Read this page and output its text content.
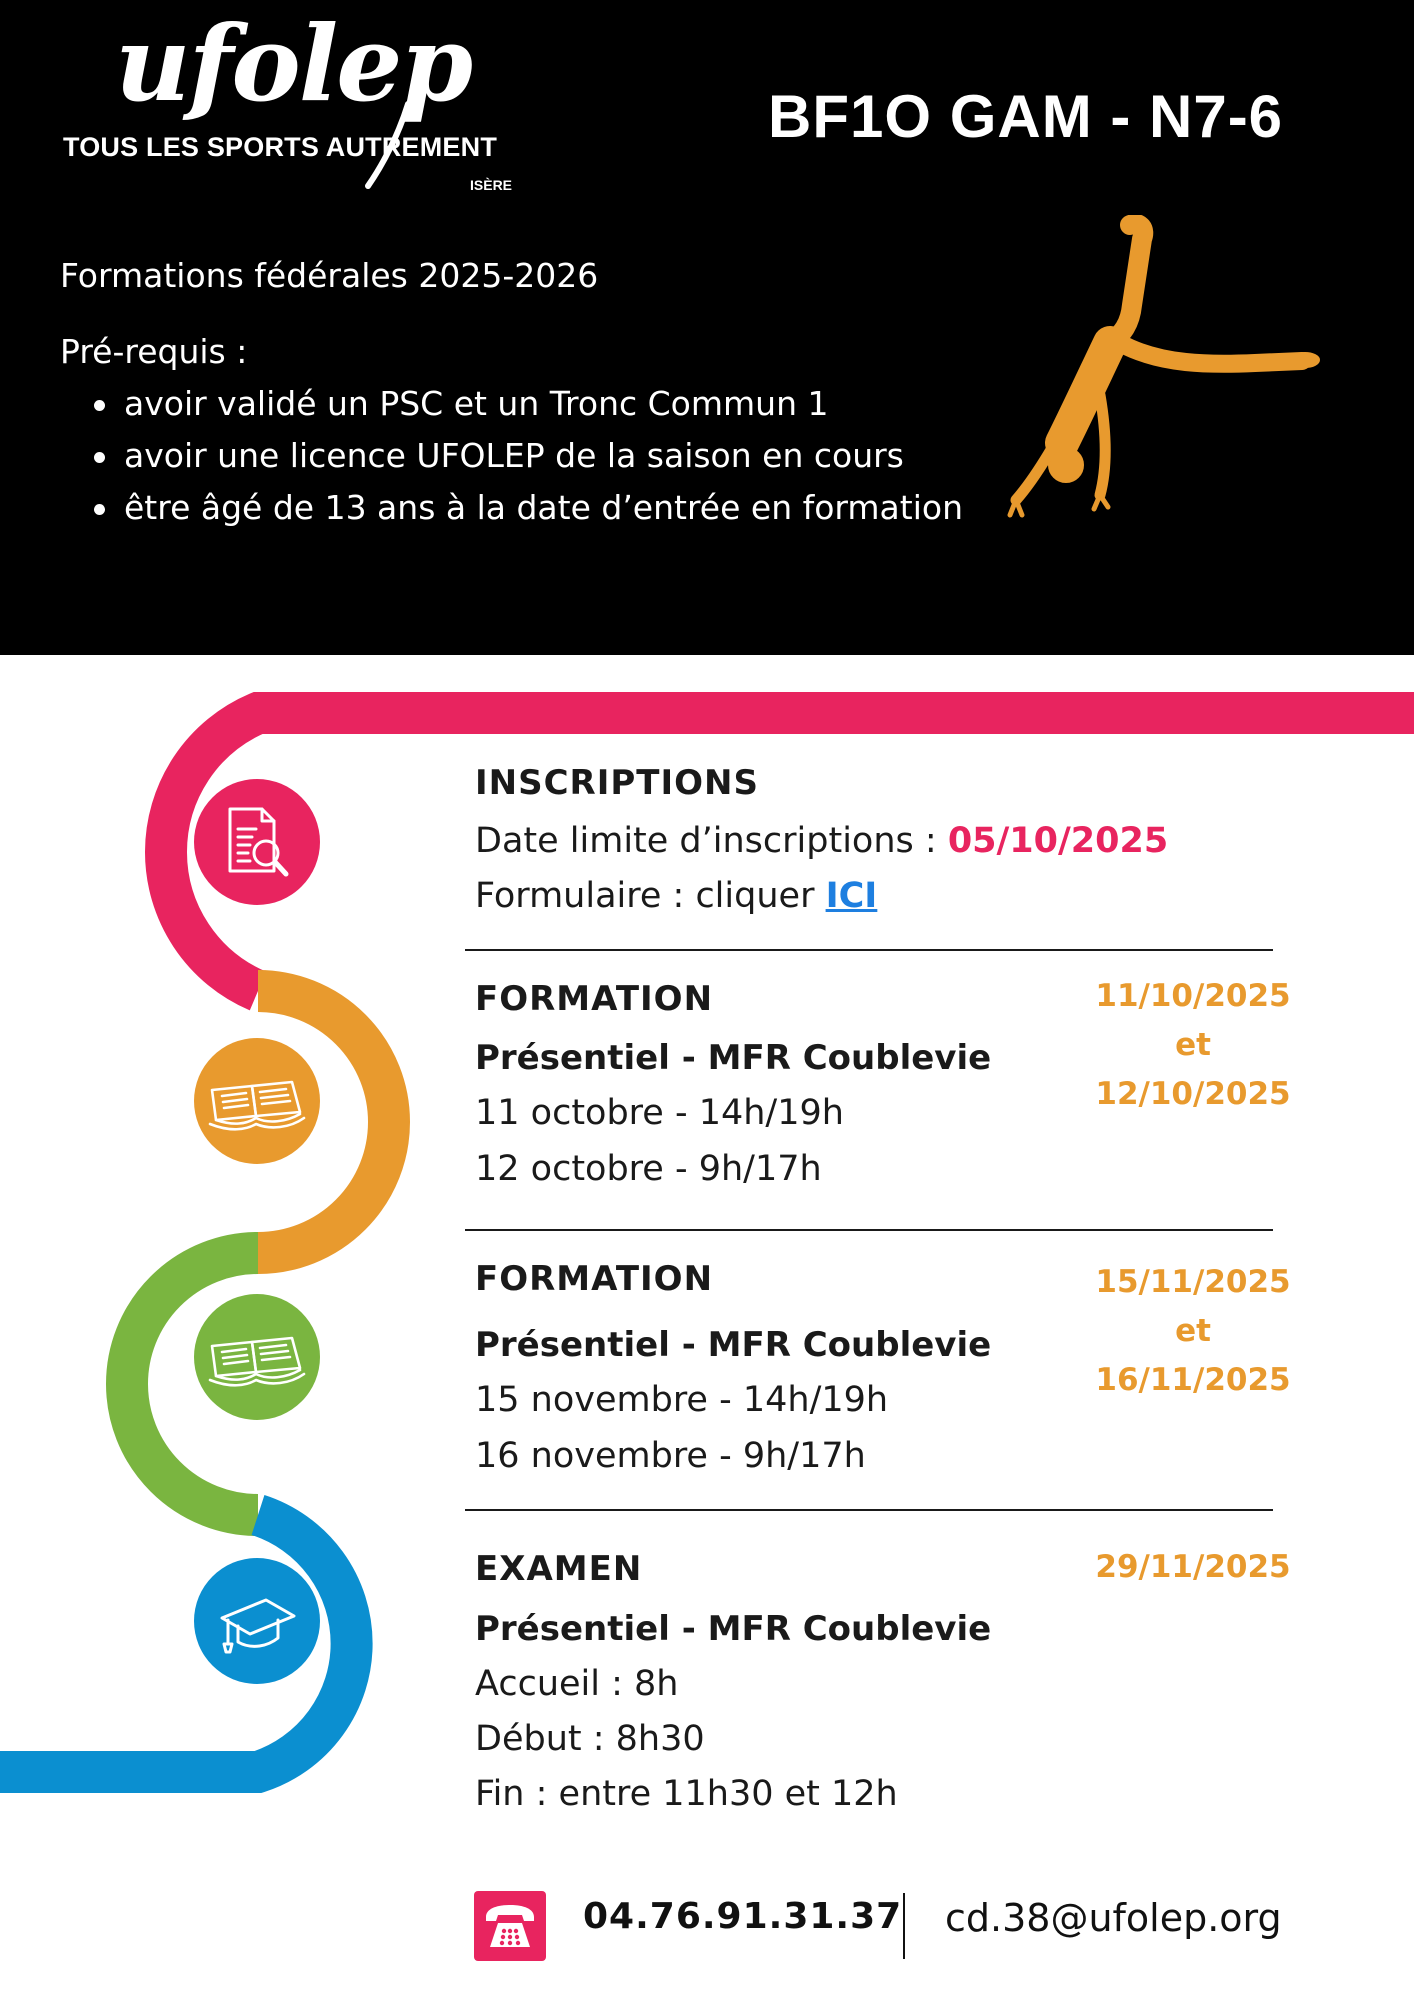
ufolep
TOUS LES SPORTS AUTREMENT
ISÈRE
BF1O GAM - N7-6
Formations fédérales 2025-2026
Pré-requis :
avoir validé un PSC et un Tronc Commun 1
avoir une licence UFOLEP de la saison en cours
être âgé de 13 ans à la date d’entrée en formation
INSCRIPTIONS
Date limite d’inscriptions : 05/10/2025
Formulaire : cliquer ICI
FORMATION
Présentiel - MFR Coublevie
11 octobre - 14h/19h
12 octobre - 9h/17h
11/10/2025
et
12/10/2025
FORMATION
Présentiel - MFR Coublevie
15 novembre - 14h/19h
16 novembre - 9h/17h
15/11/2025
et
16/11/2025
EXAMEN
Présentiel - MFR Coublevie
Accueil : 8h
Début : 8h30
Fin : entre 11h30 et 12h
29/11/2025
04.76.91.31.37 cd.38@ufolep.org
